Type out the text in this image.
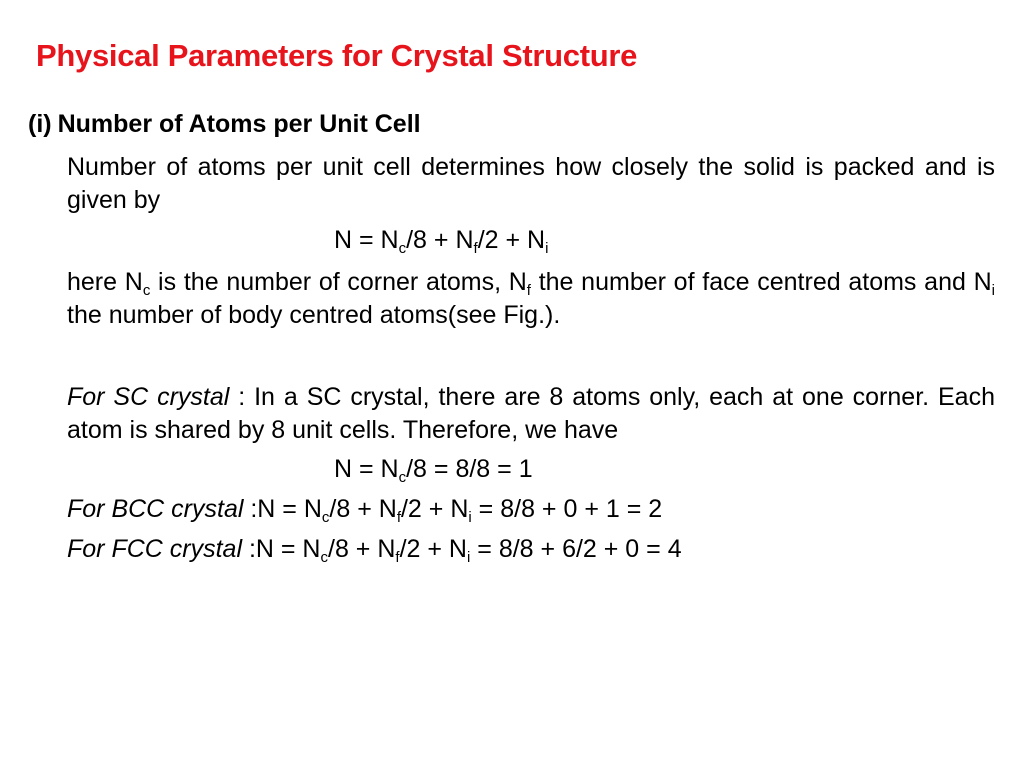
Physical Parameters for Crystal Structure
(i) Number of Atoms per Unit Cell
Number of atoms per unit cell determines how closely the solid is packed and is given by
$N = N_c/8 + N_f/2 + N_i$
here $N_c$ is the number of corner atoms, $N_f$ the number of face centred atoms and $N_i$ the number of body centred atoms(see Fig.).
For SC crystal : In a SC crystal, there are 8 atoms only, each at one corner. Each atom is shared by 8 unit cells. Therefore, we have
$N = N_c/8 = 8/8 = 1$
For BCC crystal :N = $N_c/8 + N_f/2 + N_i = 8/8 + 0 + 1 = 2$
For FCC crystal :N = $N_c/8 + N_f/2 + N_i = 8/8 + 6/2 + 0 = 4$
